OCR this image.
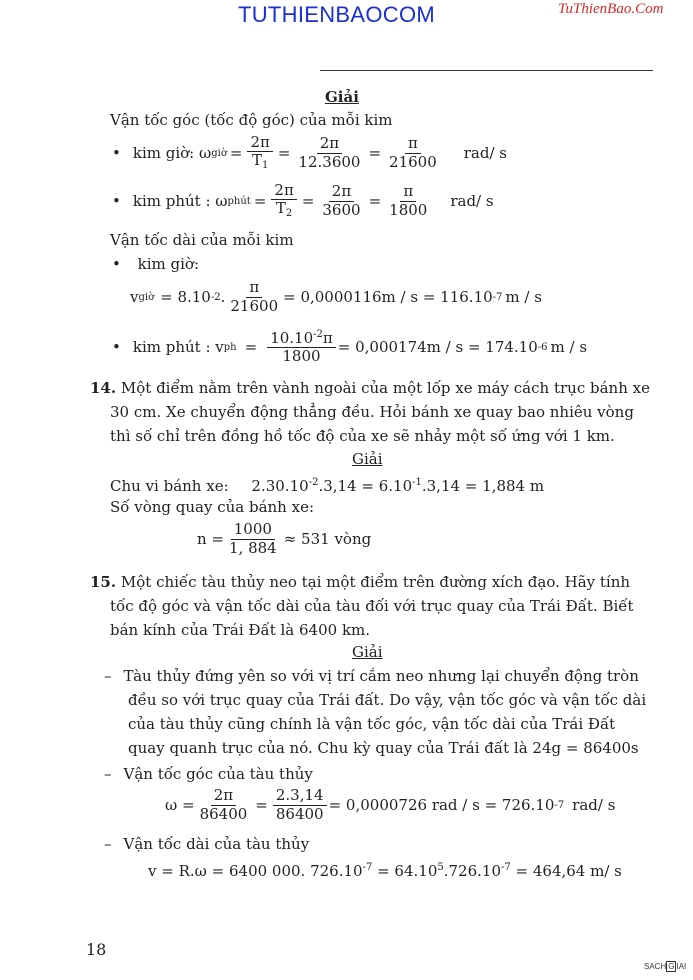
TUTHIENBAOCOM	TuThienBao.Com
Giải
Vận tốc góc (tốc độ góc) của mỗi kim
• kim giờ: ω giờ = $\frac{2\pi}{T_1} = \frac{2\pi}{12.3600} = \frac{\pi}{21600} rad/$ s
• kim phút : ω phút = $\frac{2\pi}{T_2} = \frac{2\pi}{3600} = \frac{\pi}{1800} rad/$ s
Vận tốc dài của mỗi kim
• kim giờ:
v giờ = 8.10 -2 . $\frac{\pi}{21600} = 0,0000116m / s = 116.10$ -7 m / s
• kim phút : v ph = $\frac{10.10^{-2}\pi}{1800} = 0,000174m / s = 174.10$ -6 m / s
14. Một điểm nằm trên vành ngoài của một lốp xe máy cách trục bánh xe
30 cm. Xe chuyển động thẳng đều. Hỏi bánh xe quay bao nhiêu vòng
thì số chỉ trên đồng hồ tốc độ của xe sẽ nhảy một số ứng với 1 km.
Giải
Chu vi bánh xe: $2.30.10^{-2}.3,14 = 6.10^{-1}.3,14 = 1,884$ m
Số vòng quay của bánh xe:
$n = \frac{1000}{1, 884} \approx 531$ vòng
15. Một chiếc tàu thủy neo tại một điểm trên đường xích đạo. Hãy tính
tốc độ góc và vận tốc dài của tàu đối với trục quay của Trái Đất. Biết
bán kính của Trái Đất là 6400 km.
Giải
– Tàu thủy đứng yên so với vị trí cắm neo nhưng lại chuyển động tròn
đều so với trục quay của Trái đất. Do vậy, vận tốc góc và vận tốc dài
của tàu thủy cũng chính là vận tốc góc, vận tốc dài của Trái Đất
quay quanh trục của nó. Chu kỳ quay của Trái đất là 24g = 86400s
– Vận tốc góc của tàu thủy
$\omega = \frac{2\pi}{86400} = \frac{2.3,14}{86400} = 0,0000726$ rad / s = 726.10 -7 rad/ s
– Vận tốc dài của tàu thủy
v = R.ω = 6400 000. $726.10^{-7} = 64.10^5.726.10^{-7} = 464,64$ m/ s
18
SACH G IAI
